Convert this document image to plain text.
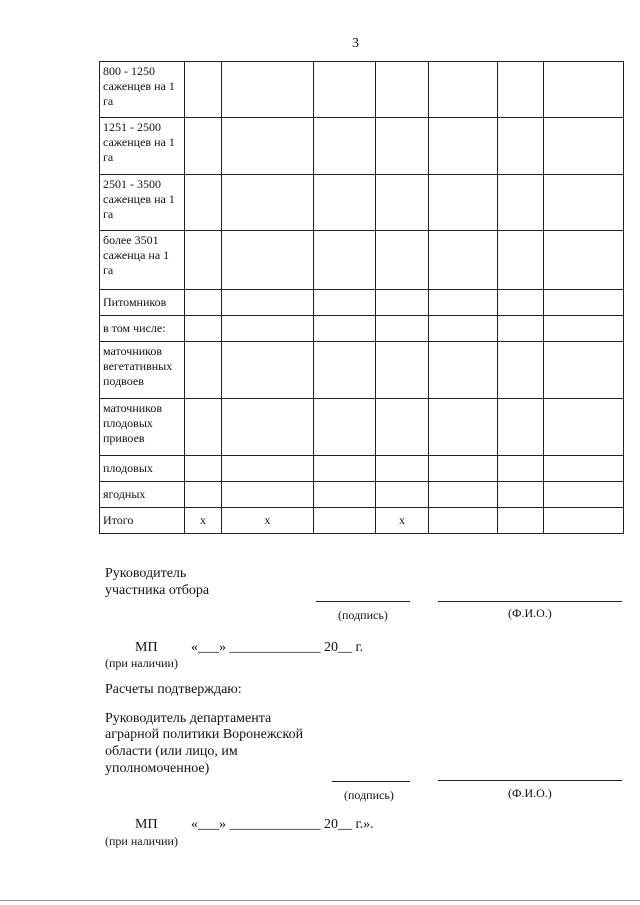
3
800 - 1250 саженцев на 1 га							
1251 - 2500 саженцев на 1 га							
2501 - 3500 саженцев на 1 га							
более 3501 саженца на 1 га							
Питомников							
в том числе:							
маточников вегетативных подвоев							
маточников плодовых привоев							
плодовых							
ягодных							
Итого	х	х		х			
Руководитель
участника отбора
(подпись)	(Ф.И.О.)
МП «___» _____________ 20__ г.
(при наличии)
Расчеты подтверждаю:
Руководитель департамента
аграрной политики Воронежской
области (или лицо, им
уполномоченное)
(подпись)	(Ф.И.О.)
МП «___» _____________ 20__ г.».
(при наличии)
